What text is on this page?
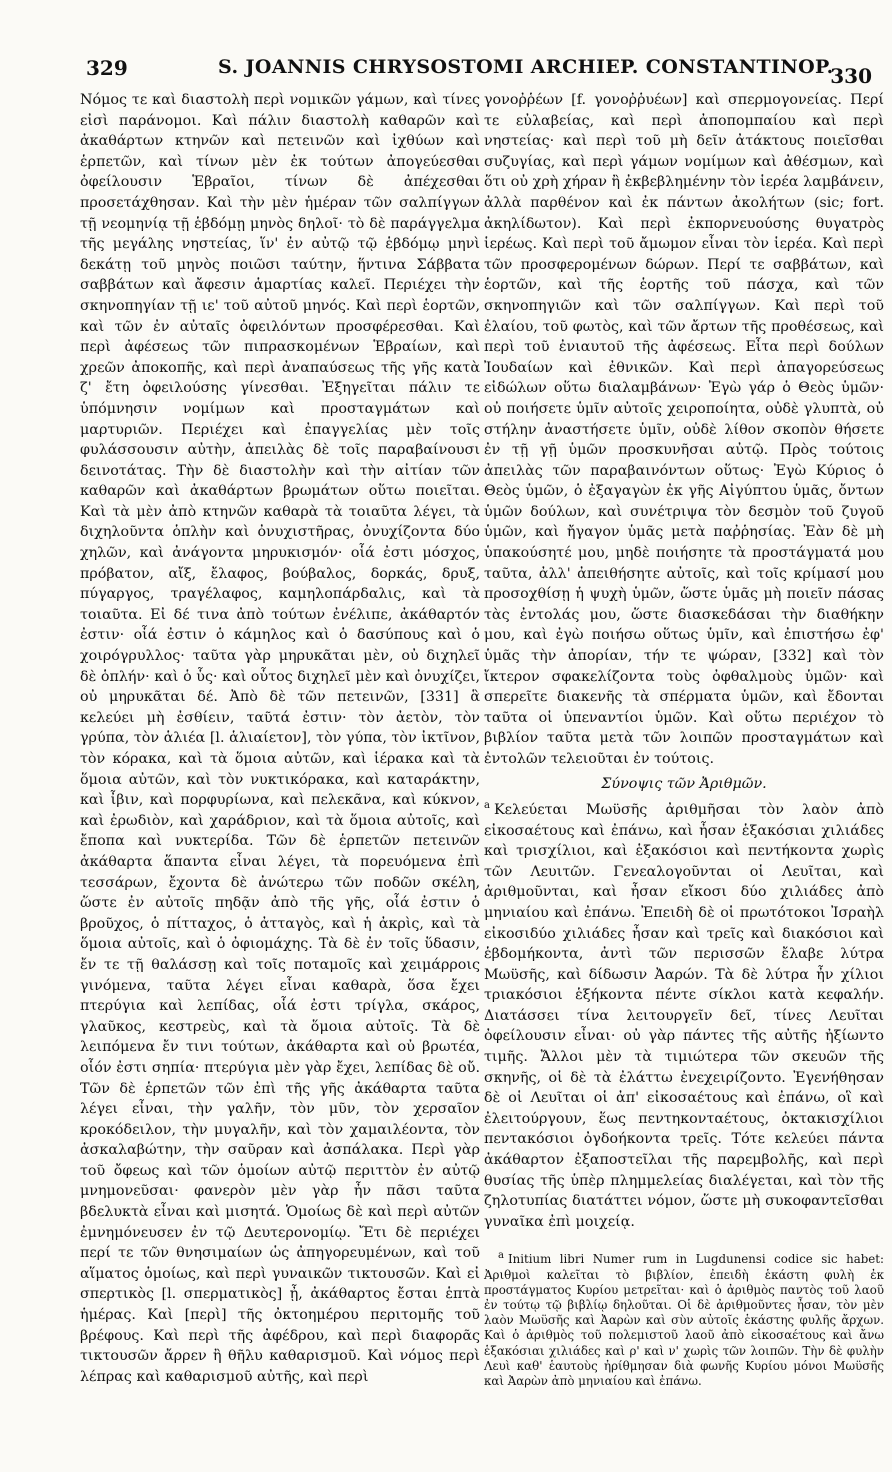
329	S. JOANNIS CHRYSOSTOMI ARCHIEP. CONSTANTINOP.
330

Νόμος τε καὶ διαστολὴ περὶ νομικῶν γάμων, καὶ τίνες εἰσὶ παράνομοι. Καὶ πάλιν διαστολὴ καθαρῶν καὶ ἀκαθάρτων κτηνῶν καὶ πετεινῶν καὶ ἰχθύων καὶ ἑρπετῶν, καὶ τίνων μὲν ἐκ τούτων ἀπογεύεσθαι ὀφείλουσιν Ἑβραῖοι, τίνων δὲ ἀπέχεσθαι προσετάχθησαν. Καὶ τὴν μὲν ἡμέραν τῶν σαλπίγγων τῇ νεομηνίᾳ τῇ ἑβδόμῃ μηνὸς δηλοῖ· τὸ δὲ παράγγελμα τῆς μεγάλης νηστείας, ἵν' ἐν αὐτῷ τῷ ἑβδόμῳ μηνὶ δεκάτῃ τοῦ μηνὸς ποιῶσι ταύτην, ἥντινα Σάββατα σαββάτων καὶ ἄφεσιν ἁμαρτίας καλεῖ. Περιέχει τὴν σκηνοπηγίαν τῇ ιε' τοῦ αὐτοῦ μηνός. Καὶ περὶ ἑορτῶν, καὶ τῶν ἐν αὐταῖς ὀφειλόντων προσφέρεσθαι. Καὶ περὶ ἀφέσεως τῶν πιπρασκομένων Ἑβραίων, καὶ χρεῶν ἀποκοπῆς, καὶ περὶ ἀναπαύσεως τῆς γῆς κατὰ ζ' ἔτη ὀφειλούσης γίνεσθαι. Ἐξηγεῖται πάλιν τε ὑπόμνησιν νομίμων καὶ προσταγμάτων καὶ μαρτυριῶν. Περιέχει καὶ ἐπαγγελίας μὲν τοῖς φυλάσσουσιν αὐτὴν, ἀπειλὰς δὲ τοῖς παραβαίνουσι δεινοτάτας. Τὴν δὲ διαστολὴν καὶ τὴν αἰτίαν τῶν καθαρῶν καὶ ἀκαθάρτων βρωμάτων οὕτω ποιεῖται. Καὶ τὰ μὲν ἀπὸ κτηνῶν καθαρὰ τὰ τοιαῦτα λέγει, τὰ διχηλοῦντα ὁπλὴν καὶ ὀνυχιστῆρας, ὀνυχίζοντα δύο χηλῶν, καὶ ἀνάγοντα μηρυκισμόν· οἷά ἐστι μόσχος, πρόβατον, αἴξ, ἔλαφος, βούβαλος, δορκάς, δρυξ, πύγαργος, τραγέλαφος, καμηλοπάρδαλις, καὶ τὰ τοιαῦτα. Εἰ δέ τινα ἀπὸ τούτων ἐνέλιπε, ἀκάθαρτόν ἐστιν· οἷά ἐστιν ὁ κάμηλος καὶ ὁ δασύπους καὶ ὁ χοιρόγρυλλος· ταῦτα γὰρ μηρυκᾶται μὲν, οὐ διχηλεῖ δὲ ὁπλήν· καὶ ὁ ὗς· καὶ οὗτος διχηλεῖ μὲν καὶ ὀνυχίζει, οὐ μηρυκᾶται δέ. Ἀπὸ δὲ τῶν πετεινῶν, [331] ἃ κελεύει μὴ ἐσθίειν, ταῦτά ἐστιν· τὸν ἀετὸν, τὸν γρύπα, τὸν ἁλιέα [l. ἁλιαίετον], τὸν γύπα, τὸν ἰκτῖνον, τὸν κόρακα, καὶ τὰ ὅμοια αὐτῶν, καὶ ἱέρακα καὶ τὰ ὅμοια αὐτῶν, καὶ τὸν νυκτικόρακα, καὶ καταράκτην, καὶ ἶβιν, καὶ πορφυρίωνα, καὶ πελεκᾶνα, καὶ κύκνον, καὶ ἐρωδιὸν, καὶ χαράδριον, καὶ τὰ ὅμοια αὐτοῖς, καὶ ἔποπα καὶ νυκτερίδα. Τῶν δὲ ἑρπετῶν πετεινῶν ἀκάθαρτα ἅπαντα εἶναι λέγει, τὰ πορευόμενα ἐπὶ τεσσάρων, ἔχοντα δὲ ἀνώτερω τῶν ποδῶν σκέλη, ὥστε ἐν αὐτοῖς πηδᾷν ἀπὸ τῆς γῆς, οἷά ἐστιν ὁ βροῦχος, ὁ πίτταχος, ὁ ἀτταγὸς, καὶ ἡ ἀκρὶς, καὶ τὰ ὅμοια αὐτοῖς, καὶ ὁ ὀφιομάχης. Τὰ δὲ ἐν τοῖς ὕδασιν, ἔν τε τῇ θαλάσσῃ καὶ τοῖς ποταμοῖς καὶ χειμάρροις γινόμενα, ταῦτα λέγει εἶναι καθαρὰ, ὅσα ἔχει πτερύγια καὶ λεπίδας, οἷά ἐστι τρίγλα, σκάρος, γλαῦκος, κεστρεὺς, καὶ τὰ ὅμοια αὐτοῖς. Τὰ δὲ λειπόμενα ἔν τινι τούτων, ἀκάθαρτα καὶ οὐ βρωτέα, οἷόν ἐστι σηπία· πτερύγια μὲν γὰρ ἔχει, λεπίδας δὲ οὔ. Τῶν δὲ ἑρπετῶν τῶν ἐπὶ τῆς γῆς ἀκάθαρτα ταῦτα λέγει εἶναι, τὴν γαλῆν, τὸν μῦν, τὸν χερσαῖον κροκόδειλον, τὴν μυγαλῆν, καὶ τὸν χαμαιλέοντα, τὸν ἀσκαλαβώτην, τὴν σαῦραν καὶ ἀσπάλακα. Περὶ γὰρ τοῦ ὄφεως καὶ τῶν ὁμοίων αὐτῷ περιττὸν ἐν αὐτῷ μνημονεῦσαι· φανερὸν μὲν γὰρ ἦν πᾶσι ταῦτα βδελυκτὰ εἶναι καὶ μισητά. Ὁμοίως δὲ καὶ περὶ αὐτῶν ἐμνημόνευσεν ἐν τῷ Δευτερονομίῳ. Ἔτι δὲ περιέχει περί τε τῶν θνησιμαίων ὡς ἀπηγορευμένων, καὶ τοῦ αἵματος ὁμοίως, καὶ περὶ γυναικῶν τικτουσῶν. Καὶ εἰ σπερτικὸς [l. σπερματικὸς] ᾖ, ἀκάθαρτος ἔσται ἑπτὰ ἡμέρας. Καὶ [περὶ] τῆς ὀκτοημέρου περιτομῆς τοῦ βρέφους. Καὶ περὶ τῆς ἀφέδρου, καὶ περὶ διαφορᾶς τικτουσῶν ἄρρεν ἢ θῆλυ καθαρισμοῦ. Καὶ νόμος περὶ λέπρας καὶ καθαρισμοῦ αὐτῆς, καὶ περὶ

γονοῤῥέων [f. γονοῤῥυέων] καὶ σπερμογονείας. Περί τε εὐλαβείας, καὶ περὶ ἀποπομπαίου καὶ περὶ νηστείας· καὶ περὶ τοῦ μὴ δεῖν ἀτάκτους ποιεῖσθαι συζυγίας, καὶ περὶ γάμων νομίμων καὶ ἀθέσμων, καὶ ὅτι οὐ χρὴ χήραν ἢ ἐκβεβλημένην τὸν ἱερέα λαμβάνειν, ἀλλὰ παρθένον καὶ ἐκ πάντων ἀκολήτων (sic; fort. ἀκηλίδωτον). Καὶ περὶ ἐκπορνευούσης θυγατρὸς ἱερέως. Καὶ περὶ τοῦ ἄμωμον εἶναι τὸν ἱερέα. Καὶ περὶ τῶν προσφερομένων δώρων. Περί τε σαββάτων, καὶ ἑορτῶν, καὶ τῆς ἑορτῆς τοῦ πάσχα, καὶ τῶν σκηνοπηγιῶν καὶ τῶν σαλπίγγων. Καὶ περὶ τοῦ ἐλαίου, τοῦ φωτὸς, καὶ τῶν ἄρτων τῆς προθέσεως, καὶ περὶ τοῦ ἐνιαυτοῦ τῆς ἀφέσεως. Εἶτα περὶ δούλων Ἰουδαίων καὶ ἐθνικῶν. Καὶ περὶ ἀπαγορεύσεως εἰδώλων οὕτω διαλαμβάνων· Ἐγὼ γάρ ὁ Θεὸς ὑμῶν· οὐ ποιήσετε ὑμῖν αὐτοῖς χειροποίητα, οὐδὲ γλυπτὰ, οὐ στήλην ἀναστήσετε ὑμῖν, οὐδὲ λίθον σκοπὸν θήσετε ἐν τῇ γῇ ὑμῶν προσκυνῆσαι αὐτῷ. Πρὸς τούτοις ἀπειλὰς τῶν παραβαινόντων οὕτως· Ἐγὼ Κύριος ὁ Θεὸς ὑμῶν, ὁ ἐξαγαγὼν ἐκ γῆς Αἰγύπτου ὑμᾶς, ὄντων ὑμῶν δούλων, καὶ συνέτριψα τὸν δεσμὸν τοῦ ζυγοῦ ὑμῶν, καὶ ἤγαγον ὑμᾶς μετὰ παῤῥησίας. Ἐὰν δὲ μὴ ὑπακούσητέ μου, μηδὲ ποιήσητε τὰ προστάγματά μου ταῦτα, ἀλλ' ἀπειθήσητε αὐτοῖς, καὶ τοῖς κρίμασί μου προσοχθίσῃ ἡ ψυχὴ ὑμῶν, ὥστε ὑμᾶς μὴ ποιεῖν πάσας τὰς ἐντολάς μου, ὥστε διασκεδάσαι τὴν διαθήκην μου, καὶ ἐγὼ ποιήσω οὕτως ὑμῖν, καὶ ἐπιστήσω ἐφ' ὑμᾶς τὴν ἀπορίαν, τήν τε ψώραν, [332] καὶ τὸν ἴκτερον σφακελίζοντα τοὺς ὀφθαλμοὺς ὑμῶν· καὶ σπερεῖτε διακενῆς τὰ σπέρματα ὑμῶν, καὶ ἔδονται ταῦτα οἱ ὑπεναντίοι ὑμῶν. Καὶ οὕτω περιέχον τὸ βιβλίον ταῦτα μετὰ τῶν λοιπῶν προσταγμάτων καὶ ἐντολῶν τελειοῦται ἐν τούτοις.

Σύνοψις τῶν Ἀριθμῶν.

$^a$ Κελεύεται Μωϋσῆς ἀριθμῆσαι τὸν λαὸν ἀπὸ εἰκοσαέτους καὶ ἐπάνω, καὶ ἦσαν ἑξακόσιαι χιλιάδες καὶ τρισχίλιοι, καὶ ἑξακόσιοι καὶ πεντήκοντα χωρὶς τῶν Λευιτῶν. Γενεαλογοῦνται οἱ Λευῖται, καὶ ἀριθμοῦνται, καὶ ἦσαν εἴκοσι δύο χιλιάδες ἀπὸ μηνιαίου καὶ ἐπάνω. Ἐπειδὴ δὲ οἱ πρωτότοκοι Ἰσραὴλ εἰκοσιδύο χιλιάδες ἦσαν καὶ τρεῖς καὶ διακόσιοι καὶ ἑβδομήκοντα, ἀντὶ τῶν περισσῶν ἔλαβε λύτρα Μωϋσῆς, καὶ δίδωσιν Ἀαρών. Τὰ δὲ λύτρα ἦν χίλιοι τριακόσιοι ἑξήκοντα πέντε σίκλοι κατὰ κεφαλήν. Διατάσσει τίνα λειτουργεῖν δεῖ, τίνες Λευῖται ὀφείλουσιν εἶναι· οὐ γὰρ πάντες τῆς αὐτῆς ἠξίωντο τιμῆς. Ἄλλοι μὲν τὰ τιμιώτερα τῶν σκευῶν τῆς σκηνῆς, οἱ δὲ τὰ ἐλάττω ἐνεχειρίζοντο. Ἐγενήθησαν δὲ οἱ Λευῖται οἱ ἀπ' εἰκοσαέτους καὶ ἐπάνω, οἳ καὶ ἐλειτούργουν, ἕως πεντηκονταέτους, ὀκτακισχίλιοι πεντακόσιοι ὀγδοήκοντα τρεῖς. Τότε κελεύει πάντα ἀκάθαρτον ἐξαποστεῖλαι τῆς παρεμβολῆς, καὶ περὶ θυσίας τῆς ὑπὲρ πλημμελείας διαλέγεται, καὶ τὸν τῆς ζηλοτυπίας διατάττει νόμον, ὥστε μὴ συκοφαντεῖσθαι γυναῖκα ἐπὶ μοιχείᾳ.

$^a$ Initium libri Numer rum in Lugdunensi codice sic habet: Ἀριθμοὶ καλεῖται τὸ βιβλίον, ἐπειδὴ ἑκάστη φυλὴ ἐκ προστάγματος Κυρίου μετρεῖται· καὶ ὁ ἀριθμὸς παντὸς τοῦ λαοῦ ἐν τούτῳ τῷ βιβλίῳ δηλοῦται. Οἱ δὲ ἀριθμοῦντες ἦσαν, τὸν μὲν λαὸν Μωϋσῆς καὶ Ἀαρὼν καὶ σὺν αὐτοῖς ἑκάστης φυλῆς ἄρχων. Καὶ ὁ ἀριθμὸς τοῦ πολεμιστοῦ λαοῦ ἀπὸ εἰκοσαέτους καὶ ἄνω ἑξακόσιαι χιλιάδες καὶ ρ' καὶ ν' χωρὶς τῶν λοιπῶν. Τὴν δὲ φυλὴν Λευὶ καθ' ἑαυτοὺς ἠρίθμησαν διὰ φωνῆς Κυρίου μόνοι Μωϋσῆς καὶ Ἀαρὼν ἀπὸ μηνιαίου καὶ ἐπάνω.
